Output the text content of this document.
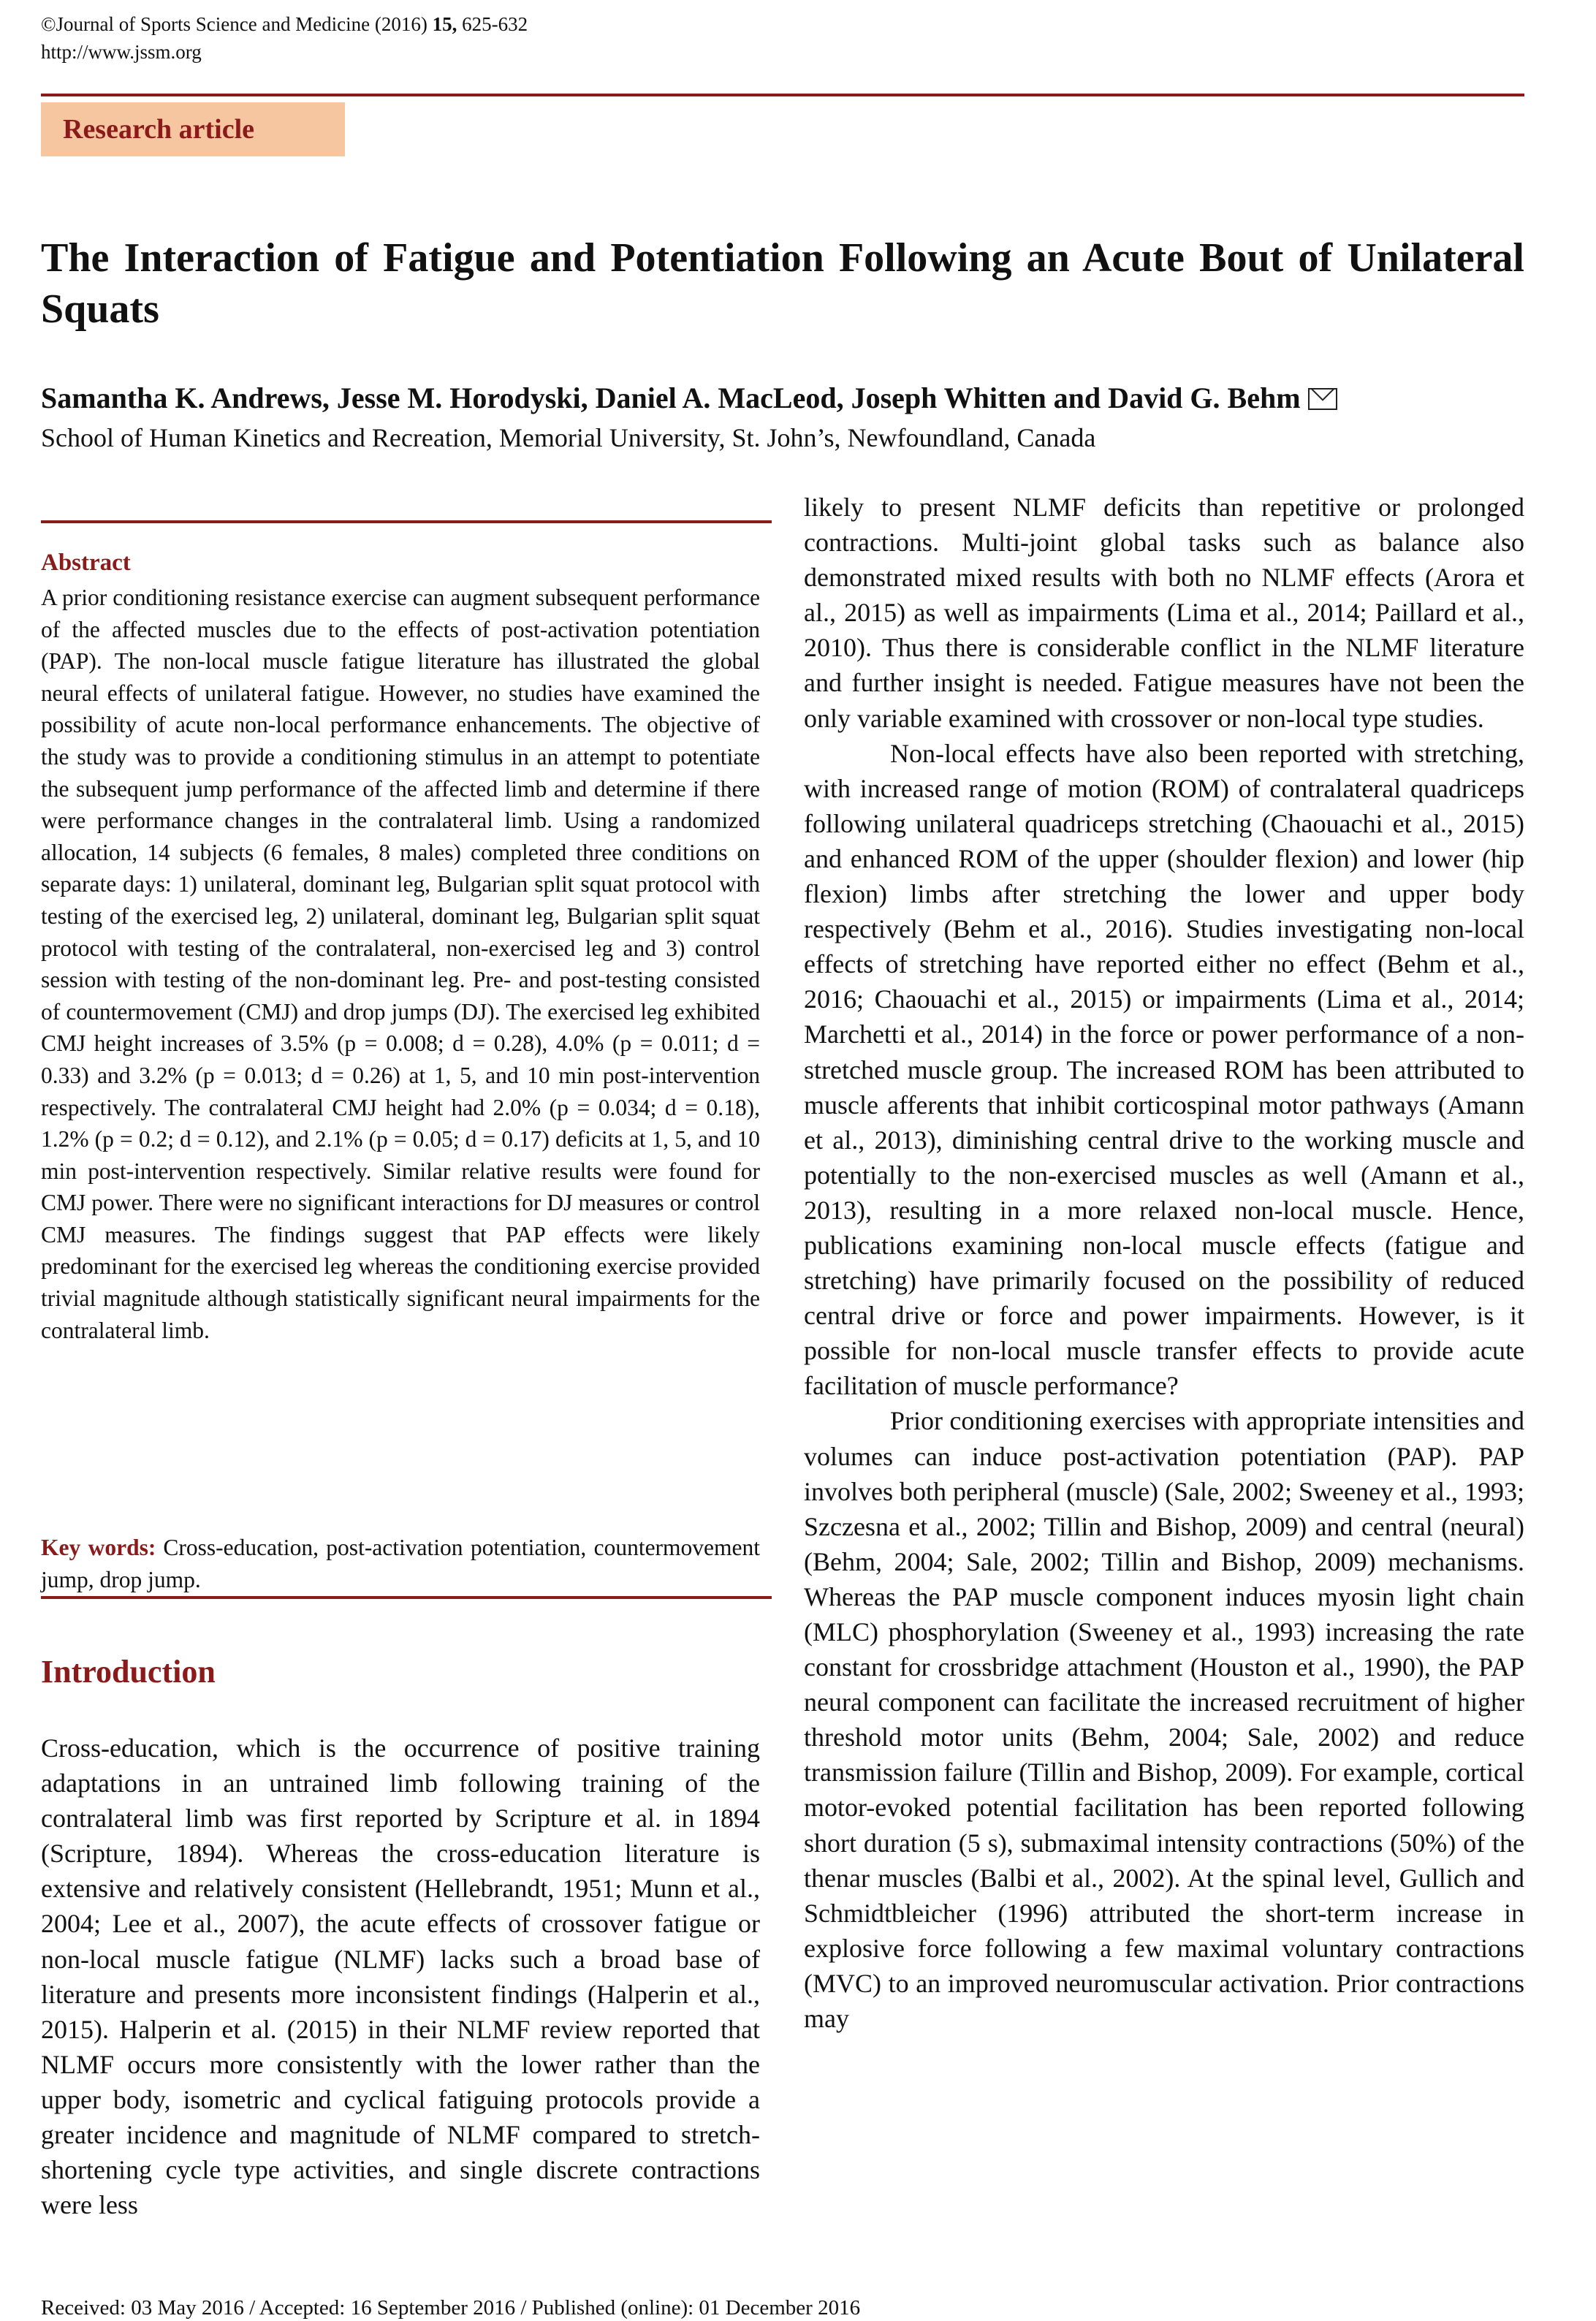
©Journal of Sports Science and Medicine (2016) 15, 625-632
http://www.jssm.org
Research article
The Interaction of Fatigue and Potentiation Following an Acute Bout of Unilateral Squats
Samantha K. Andrews, Jesse M. Horodyski, Daniel A. MacLeod, Joseph Whitten and David G. Behm
School of Human Kinetics and Recreation, Memorial University, St. John’s, Newfoundland, Canada
Abstract
A prior conditioning resistance exercise can augment subsequent performance of the affected muscles due to the effects of post-activation potentiation (PAP). The non-local muscle fatigue literature has illustrated the global neural effects of unilateral fatigue. However, no studies have examined the possibility of acute non-local performance enhancements. The objective of the study was to provide a conditioning stimulus in an attempt to potentiate the subsequent jump performance of the affected limb and determine if there were performance changes in the contralateral limb. Using a randomized allocation, 14 subjects (6 females, 8 males) completed three conditions on separate days: 1) unilateral, dominant leg, Bulgarian split squat protocol with testing of the exercised leg, 2) unilateral, dominant leg, Bulgarian split squat protocol with testing of the contralateral, non-exercised leg and 3) control session with testing of the non-dominant leg. Pre- and post-testing consisted of countermovement (CMJ) and drop jumps (DJ). The exercised leg exhibited CMJ height increases of 3.5% (p = 0.008; d = 0.28), 4.0% (p = 0.011; d = 0.33) and 3.2% (p = 0.013; d = 0.26) at 1, 5, and 10 min post-intervention respectively. The contralateral CMJ height had 2.0% (p = 0.034; d = 0.18), 1.2% (p = 0.2; d = 0.12), and 2.1% (p = 0.05; d = 0.17) deficits at 1, 5, and 10 min post-intervention respectively. Similar relative results were found for CMJ power. There were no significant interactions for DJ measures or control CMJ measures. The findings suggest that PAP effects were likely predominant for the exercised leg whereas the conditioning exercise provided trivial magnitude although statistically significant neural impairments for the contralateral limb.
Key words: Cross-education, post-activation potentiation, countermovement jump, drop jump.
Introduction
Cross-education, which is the occurrence of positive training adaptations in an untrained limb following training of the contralateral limb was first reported by Scripture et al. in 1894 (Scripture, 1894). Whereas the cross-education literature is extensive and relatively consistent (Hellebrandt, 1951; Munn et al., 2004; Lee et al., 2007), the acute effects of crossover fatigue or non-local muscle fatigue (NLMF) lacks such a broad base of literature and presents more inconsistent findings (Halperin et al., 2015). Halperin et al. (2015) in their NLMF review reported that NLMF occurs more consistently with the lower rather than the upper body, isometric and cyclical fatiguing protocols provide a greater incidence and magnitude of NLMF compared to stretch-shortening cycle type activities, and single discrete contractions were less

likely to present NLMF deficits than repetitive or prolonged contractions. Multi-joint global tasks such as balance also demonstrated mixed results with both no NLMF effects (Arora et al., 2015) as well as impairments (Lima et al., 2014; Paillard et al., 2010). Thus there is considerable conflict in the NLMF literature and further insight is needed. Fatigue measures have not been the only variable examined with crossover or non-local type studies.

Non-local effects have also been reported with stretching, with increased range of motion (ROM) of contralateral quadriceps following unilateral quadriceps stretching (Chaouachi et al., 2015) and enhanced ROM of the upper (shoulder flexion) and lower (hip flexion) limbs after stretching the lower and upper body respectively (Behm et al., 2016). Studies investigating non-local effects of stretching have reported either no effect (Behm et al., 2016; Chaouachi et al., 2015) or impairments (Lima et al., 2014; Marchetti et al., 2014) in the force or power performance of a non-stretched muscle group. The increased ROM has been attributed to muscle afferents that inhibit corticospinal motor pathways (Amann et al., 2013), diminishing central drive to the working muscle and potentially to the non-exercised muscles as well (Amann et al., 2013), resulting in a more relaxed non-local muscle. Hence, publications examining non-local muscle effects (fatigue and stretching) have primarily focused on the possibility of reduced central drive or force and power impairments. However, is it possible for non-local muscle transfer effects to provide acute facilitation of muscle performance?

Prior conditioning exercises with appropriate intensities and volumes can induce post-activation potentiation (PAP). PAP involves both peripheral (muscle) (Sale, 2002; Sweeney et al., 1993; Szczesna et al., 2002; Tillin and Bishop, 2009) and central (neural) (Behm, 2004; Sale, 2002; Tillin and Bishop, 2009) mechanisms. Whereas the PAP muscle component induces myosin light chain (MLC) phosphorylation (Sweeney et al., 1993) increasing the rate constant for crossbridge attachment (Houston et al., 1990), the PAP neural component can facilitate the increased recruitment of higher threshold motor units (Behm, 2004; Sale, 2002) and reduce transmission failure (Tillin and Bishop, 2009). For example, cortical motor-evoked potential facilitation has been reported following short duration (5 s), submaximal intensity contractions (50%) of the thenar muscles (Balbi et al., 2002). At the spinal level, Gullich and Schmidtbleicher (1996) attributed the short-term increase in explosive force following a few maximal voluntary contractions (MVC) to an improved neuromuscular activation. Prior contractions may

Received: 03 May 2016 / Accepted: 16 September 2016 / Published (online): 01 December 2016
